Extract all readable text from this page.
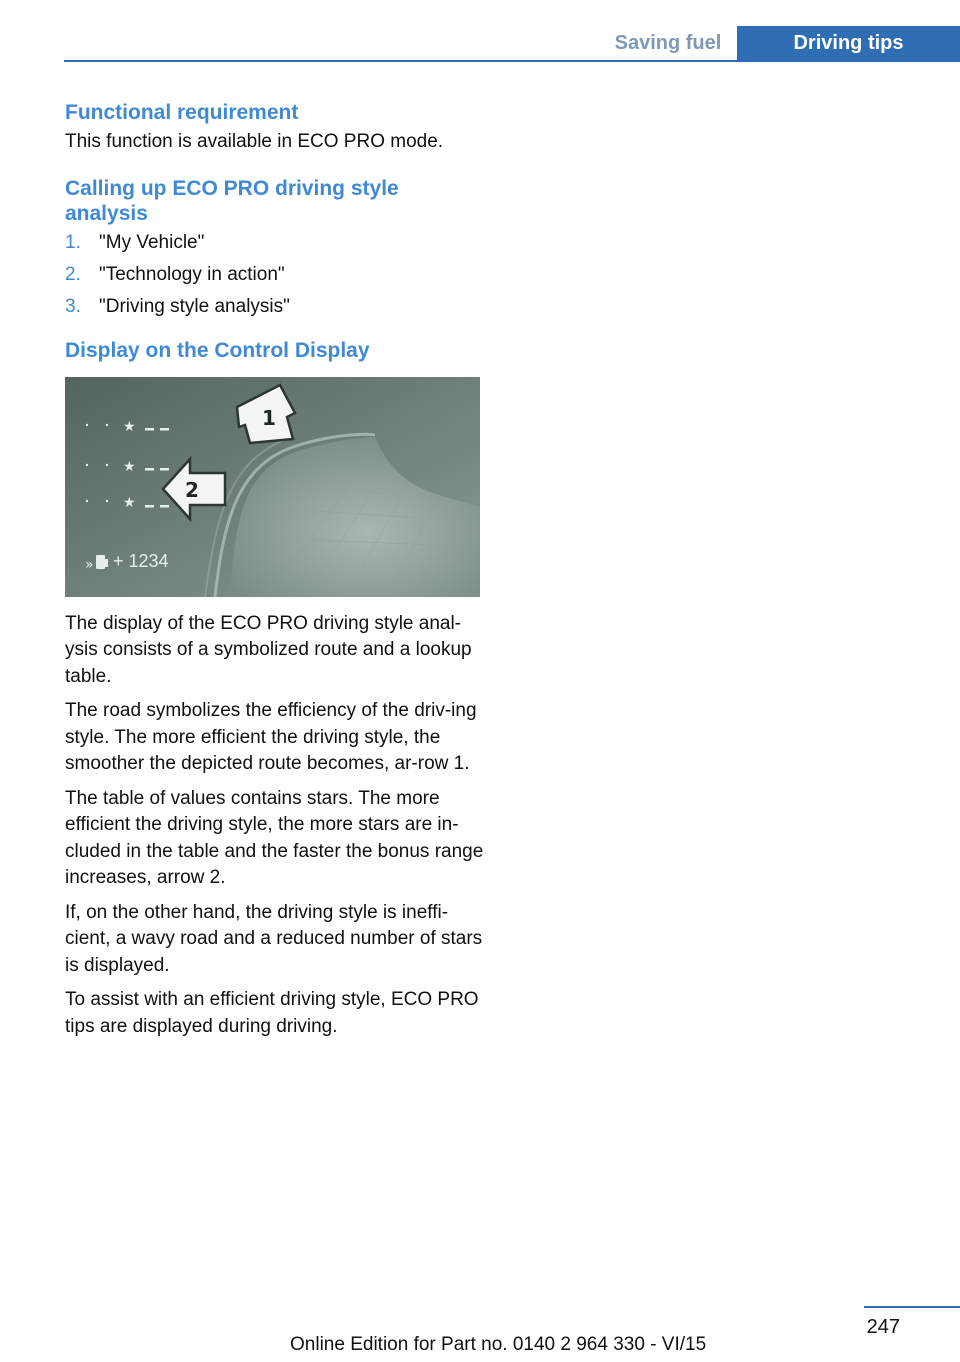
Saving fuel	Driving tips
Functional requirement

This function is available in ECO PRO mode.

Calling up ECO PRO driving style analysis
1. "My Vehicle"
2. "Technology in action"
3. "Driving style analysis"
Display on the Control Display
★
★
★
1
2
» + 1234

The display of the ECO PRO driving style anal‐ysis consists of a symbolized route and a lookup table.

The road symbolizes the efficiency of the driv‐ing style. The more efficient the driving style, the smoother the depicted route becomes, ar‐row 1.

The table of values contains stars. The more efficient the driving style, the more stars are in‐cluded in the table and the faster the bonus range increases, arrow 2.

If, on the other hand, the driving style is ineffi‐cient, a wavy road and a reduced number of stars is displayed.

To assist with an efficient driving style, ECO PRO tips are displayed during driving.

247
Online Edition for Part no. 0140 2 964 330 - VI/15
